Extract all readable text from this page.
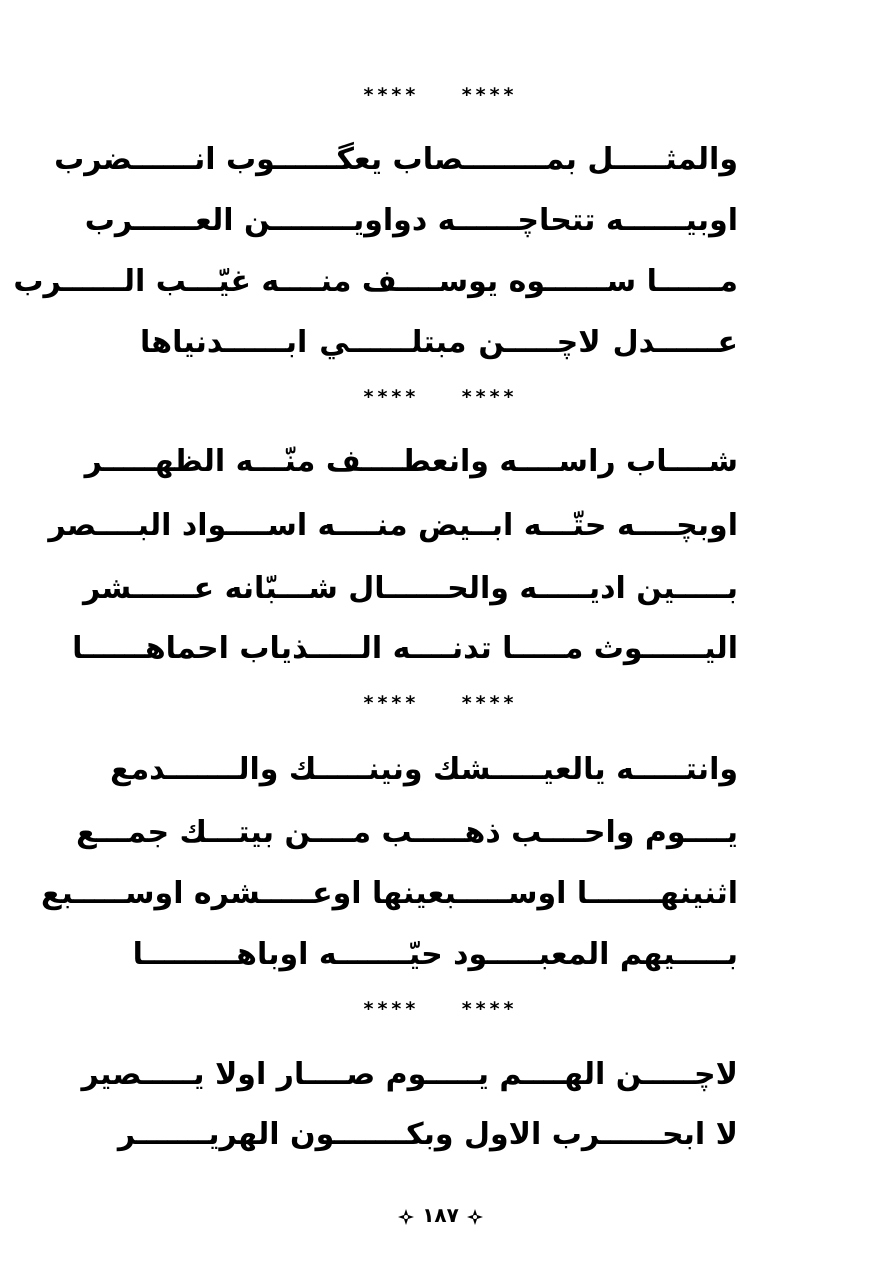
****    ****
والمثـــــل بمــــــــصاب يعگــــــوب انــــــضرب
اوبيــــــه تتحاچــــــه دواويــــــــن العــــــرب
مــــــا ســــــوه يوســــف منــــه غيّـــب الــــــرب
عــــــدل لاچـــــن مبتلــــــي ابــــــدنياها
****    ****
شــــاب راســــه وانعطــــف منّـــه الظهـــــر
اوبچــــه حتّـــه ابــيض منــــه اســــواد البــــصر
بـــــين اديـــــه والحــــــال شـــبّانه عــــــشر
اليــــــوث مـــــا تدنــــه الـــــذياب احماهــــــا
****    ****
وانتـــــه يالعيـــــشك ونينـــــك والـــــــدمع
يــــوم واحــــب ذهـــــب مــــن بيتـــك جمـــع
اثنينهـــــــا اوســـــبعينها اوعـــــشره اوســـــبع
بـــــيهم المعبـــــود حيّـــــــه اوباهـــــــــا
****    ****
لاچـــــن الهــــم يـــــوم صــــار اولا يـــــصير
لا ابحــــــرب الاول وبكـــــــون الهريـــــــر
١٨٧
